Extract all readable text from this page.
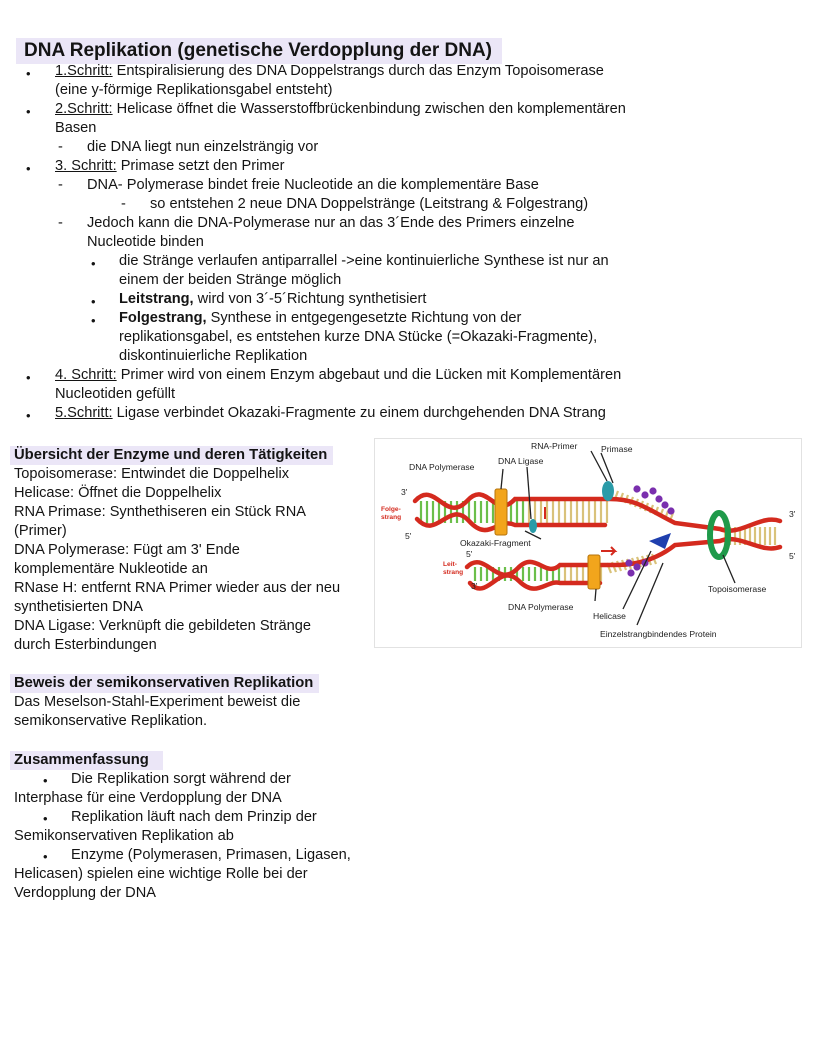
DNA Replikation (genetische Verdopplung der DNA)
• 1.Schritt: Entspiralisierung des DNA Doppelstrangs durch das Enzym Topoisomerase
(eine y-förmige Replikationsgabel entsteht)
• 2.Schritt: Helicase öffnet die Wasserstoffbrückenbindung zwischen den komplementären
Basen
- die DNA liegt nun einzelsträngig vor
• 3. Schritt: Primase setzt den Primer
- DNA- Polymerase bindet freie Nucleotide an die komplementäre Base
- so entstehen 2 neue DNA Doppelstränge (Leitstrang & Folgestrang)
- Jedoch kann die DNA-Polymerase nur an das 3´Ende des Primers einzelne
Nucleotide binden
• die Stränge verlaufen antiparrallel ->eine kontinuierliche Synthese ist nur an
einem der beiden Stränge möglich
• Leitstrang, wird von 3´-5´Richtung synthetisiert
• Folgestrang, Synthese in entgegengesetzte Richtung von der
replikationsgabel, es entstehen kurze DNA Stücke (=Okazaki-Fragmente),
diskontinuierliche Replikation
• 4. Schritt: Primer wird von einem Enzym abgebaut und die Lücken mit Komplementären
Nucleotiden gefüllt
• 5.Schritt: Ligase verbindet Okazaki-Fragmente zu einem durchgehenden DNA Strang
Übersicht der Enzyme und deren Tätigkeiten
Topoisomerase: Entwindet die Doppelhelix
Helicase: Öffnet die Doppelhelix
RNA Primase: Synthethiseren ein Stück RNA
(Primer)
DNA Polymerase: Fügt am 3' Ende
komplementäre Nukleotide an
RNase H: entfernt RNA Primer wieder aus der neu
synthetisierten DNA
DNA Ligase: Verknüpft die gebildeten Stränge
durch Esterbindungen
Beweis der semikonservativen Replikation
Das Meselson-Stahl-Experiment beweist die
semikonservative Replikation.
Zusammenfassung
• Die Replikation sorgt während der
Interphase für eine Verdopplung der DNA
• Replikation läuft nach dem Prinzip der
Semikonservativen Replikation ab
• Enzyme (Polymerasen, Primasen, Ligasen,
Helicasen) spielen eine wichtige Rolle bei der
Verdopplung der DNA
RNA-Primer	Primase
DNA Polymerase
DNA Ligase
Okazaki-Fragment
DNA Polymerase
Helicase
Topoisomerase
Einzelstrangbindendes Protein
3'
5'
5'
3'
3'
5'
Folge-
strang
Leit-
strang
